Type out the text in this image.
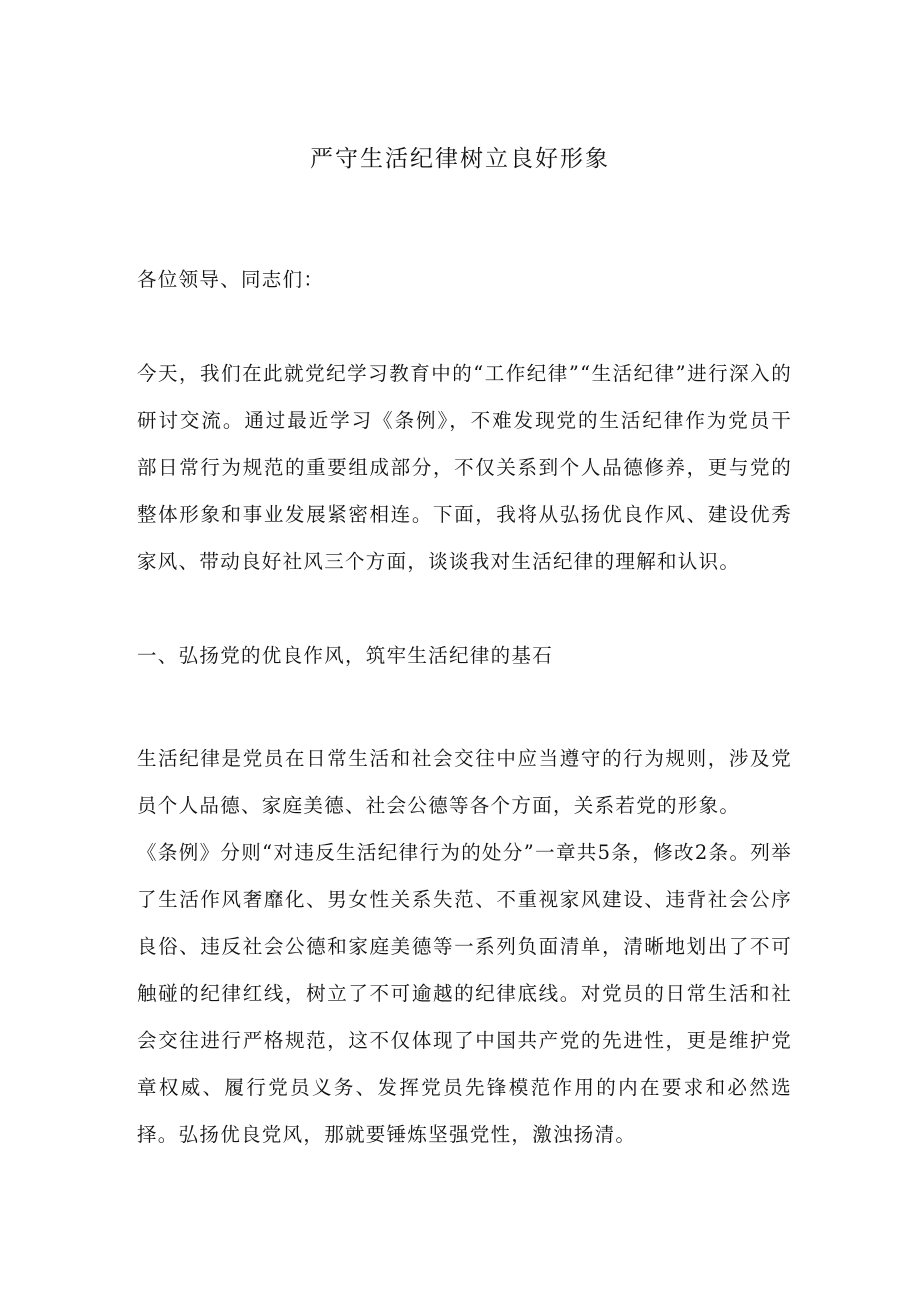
严守生活纪律树立良好形象

各位领导、同志们：

今天，我们在此就党纪学习教育中的“工作纪律”“生活纪律”进行深入的研讨交流。通过最近学习《条例》，不难发现党的生活纪律作为党员干部日常行为规范的重要组成部分，不仅关系到个人品德修养，更与党的整体形象和事业发展紧密相连。下面，我将从弘扬优良作风、建设优秀家风、带动良好社风三个方面，谈谈我对生活纪律的理解和认识。

一、弘扬党的优良作风，筑牢生活纪律的基石

生活纪律是党员在日常生活和社会交往中应当遵守的行为规则，涉及党员个人品德、家庭美德、社会公德等各个方面，关系若党的形象。

《条例》分则“对违反生活纪律行为的处分”一章共5条，修改2条。列举了生活作风奢靡化、男女性关系失范、不重视家风建设、违背社会公序良俗、违反社会公德和家庭美德等一系列负面清单，清晰地划出了不可触碰的纪律红线，树立了不可逾越的纪律底线。对党员的日常生活和社会交往进行严格规范，这不仅体现了中国共产党的先进性，更是维护党章权威、履行党员义务、发挥党员先锋模范作用的内在要求和必然选择。弘扬优良党风，那就要锤炼坚强党性，激浊扬清。
